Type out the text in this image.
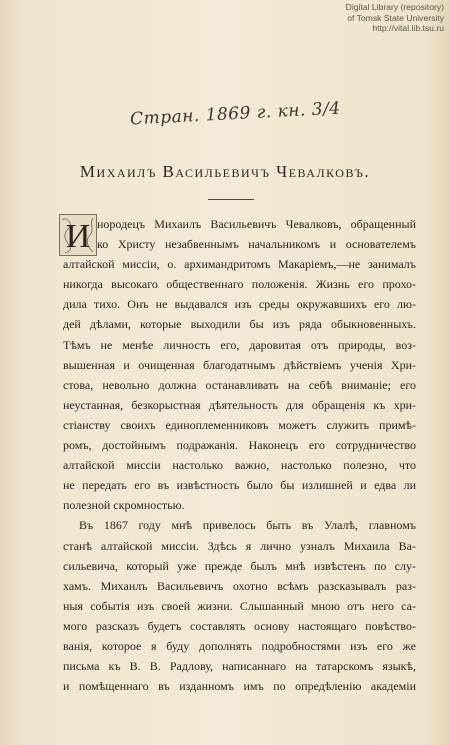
Digital Library (repository)
of Tomsk State University
http://vital.lib.tsu.ru
Стран. 1869 г. кн. 3/4
Михаилъ Васильевичъ Чевалковъ.
И нородецъ Михаилъ Васильевичъ Чевалковъ, обращенный
ко Христу незабвеннымъ начальникомъ и основателемъ
алтайской миссіи, о. архимандритомъ Макаріемъ,—не занималъ
никогда высокаго общественнаго положенія. Жизнь его прохо-
дила тихо. Онъ не выдавался изъ среды окружавшихъ его лю-
дей дѣлами, которые выходили бы изъ ряда обыкновенныхъ.
Тѣмъ не менѣе личность его, даровитая отъ природы, воз-
вышенная и очищенная благодатнымъ дѣйствіемъ ученія Хри-
стова, невольно должна останавливать на себѣ вниманіе; его
неустанная, безкорыстная дѣятельность для обращенія къ хри-
стіанству своихъ единоплеменниковъ можетъ служить примѣ-
ромъ, достойнымъ подражанія. Наконецъ его сотрудничество
алтайской миссіи настолько важно, настолько полезно, что
не передать его въ извѣстность было бы излишней и едва ли
полезной скромностью.
Въ 1867 году мнѣ привелось быть въ Улалѣ, главномъ
станѣ алтайской миссіи. Здѣсь я лично узналъ Михаила Ва-
сильевича, который уже прежде былъ мнѣ извѣстенъ по слу-
хамъ. Михаилъ Васильевичъ охотно всѣмъ разсказывалъ раз-
ныя событія изъ своей жизни. Слышанный мною отъ него са-
мого разсказъ будетъ составлять основу настоящаго повѣство-
ванія, которое я буду дополнять подробностями изъ его же
письма къ В. В. Радлову, написаннаго на татарскомъ языкѣ,
и помѣщеннаго въ изданномъ имъ по опредѣленію академіи
